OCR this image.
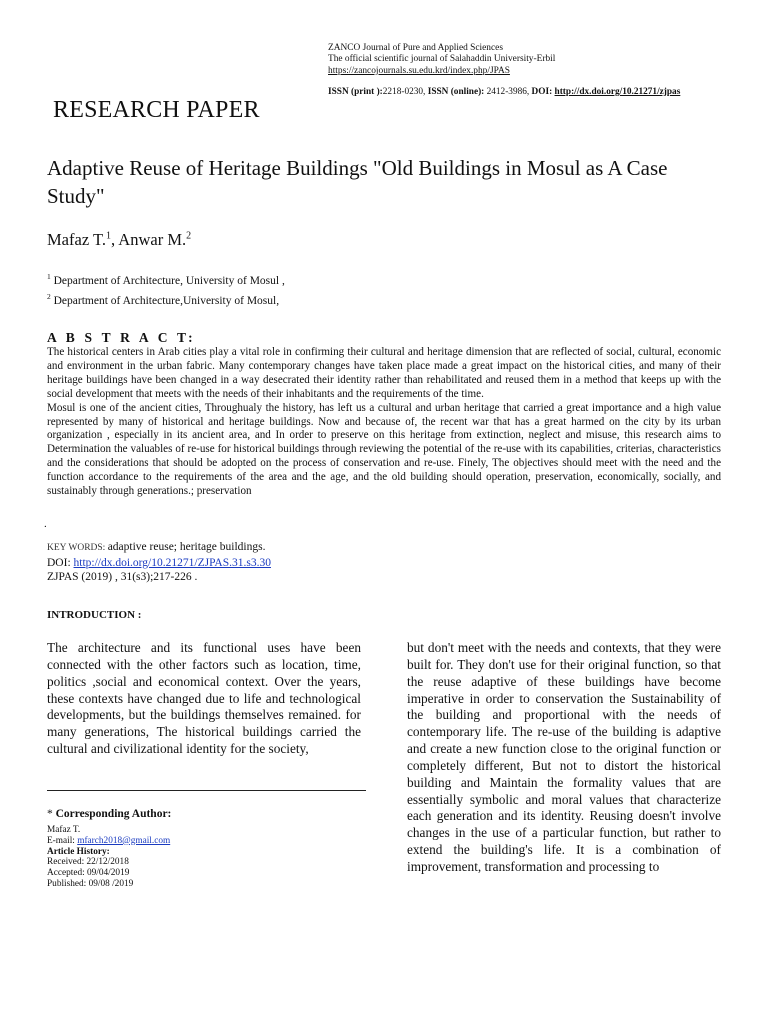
ZANCO Journal of Pure and Applied Sciences
The official scientific journal of Salahaddin University-Erbil
https://zancojournals.su.edu.krd/index.php/JPAS
ISSN (print ):2218-0230, ISSN (online): 2412-3986, DOI: http://dx.doi.org/10.21271/zjpas
RESEARCH PAPER
Adaptive Reuse of Heritage Buildings "Old Buildings in Mosul as A Case Study"
Mafaz T.$^1$, Anwar M.$^2$
$^1$ Department of Architecture, University of Mosul ,
$^2$ Department of Architecture,University of Mosul,
A B S T R A C T:

The historical centers in Arab cities play a vital role in confirming their cultural and heritage dimension that are reflected of social, cultural, economic and environment in the urban fabric. Many contemporary changes have taken place made a great impact on the historical cities, and many of their heritage buildings have been changed in a way desecrated their identity rather than rehabilitated and reused them in a method that keeps up with the social development that meets with the needs of their inhabitants and the requirements of the time.

Mosul is one of the ancient cities, Throughualy the history, has left us a cultural and urban heritage that carried a great importance and a high value represented by many of historical and heritage buildings. Now and because of, the recent war that has a great harmed on the city by its urban organization , especially in its ancient area, and In order to preserve on this heritage from extinction, neglect and misuse, this research aims to Determination the valuables of re-use for historical buildings through reviewing the potential of the re-use with its capabilities, criterias, characteristics and the considerations that should be adopted on the process of conservation and re-use. Finely, The objectives should meet with the need and the function accordance to the requirements of the area and the age, and the old building should operation, preservation, economically, socially, and sustainably through generations.; preservation

.
KEY WORDS: adaptive reuse; heritage buildings.
DOI: http://dx.doi.org/10.21271/ZJPAS.31.s3.30
ZJPAS (2019) , 31(s3);217-226 .
INTRODUCTION :
The architecture and its functional uses have been connected with the other factors such as location, time, politics ,social and economical context. Over the years, these contexts have changed due to life and technological developments, but the buildings themselves remained. for many generations, The historical buildings carried the cultural and civilizational identity for the society,
but don't meet with the needs and contexts, that they were built for. They don't use for their original function, so that the reuse adaptive of these buildings have become imperative in order to conservation the Sustainability of the building and proportional with the needs of contemporary life. The re-use of the building is adaptive and create a new function close to the original function or completely different, But not to distort the historical building and Maintain the formality values that are essentially symbolic and moral values that characterize each generation and its identity. Reusing doesn't involve changes in the use of a particular function, but rather to extend the building's life. It is a combination of improvement, transformation and processing to
* Corresponding Author:
Mafaz T.
E-mail: mfarch2018@gmail.com
Article History:
Received: 22/12/2018
Accepted: 09/04/2019
Published: 09/08 /2019
